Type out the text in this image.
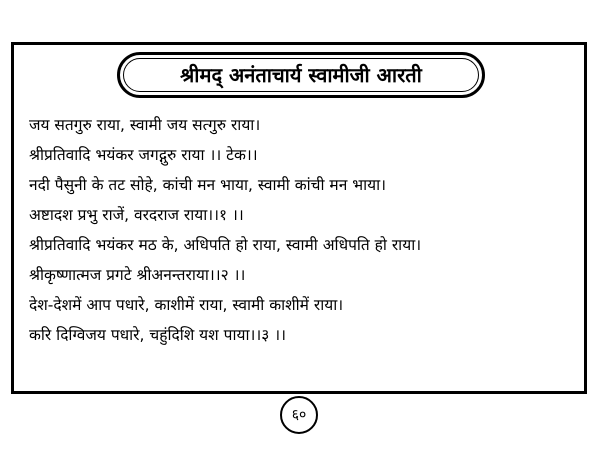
श्रीमद् अनंताचार्य स्वामीजी आरती
जय सतगुरु राया, स्वामी जय सत्गुरु राया।
श्रीप्रतिवादि भयंकर जगद्गुरु राया ।। टेक।।
नदी पैसुनी के तट सोहे, कांची मन भाया, स्वामी कांची मन भाया।
अष्टादश प्रभु राजें, वरदराज राया।।१ ।।
श्रीप्रतिवादि भयंकर मठ के, अधिपति हो राया, स्वामी अधिपति हो राया।
श्रीकृष्णात्मज प्रगटे श्रीअनन्तराया।।२ ।।
देश-देशमें आप पधारे, काशीमें राया, स्वामी काशीमें राया।
करि दिग्विजय पधारे, चहुंदिशि यश पाया।।३ ।।
६०
